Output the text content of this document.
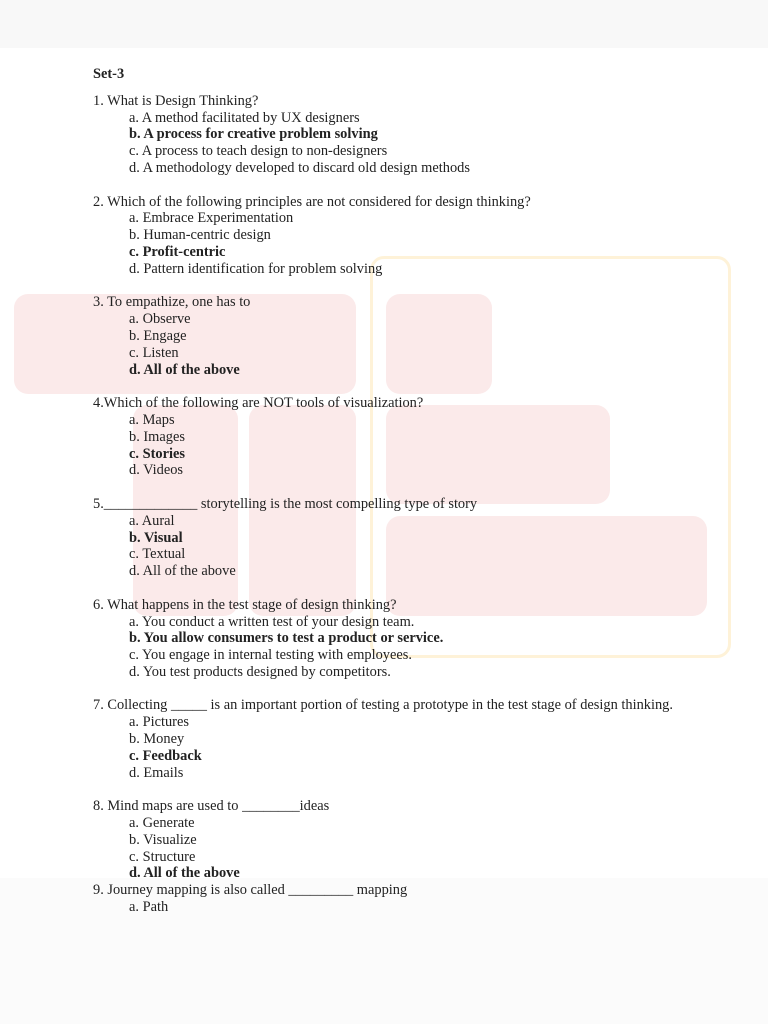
Set-3
1. What is Design Thinking?
a. A method facilitated by UX designers
b. A process for creative problem solving
c. A process to teach design to non-designers
d. A methodology developed to discard old design methods
2. Which of the following principles are not considered for design thinking?
a. Embrace Experimentation
b. Human-centric design
c. Profit-centric
d. Pattern identification for problem solving
3. To empathize, one has to
a. Observe
b. Engage
c. Listen
d. All of the above
4.Which of the following are NOT tools of visualization?
a. Maps
b. Images
c. Stories
d. Videos
5._____________ storytelling is the most compelling type of story
a. Aural
b. Visual
c. Textual
d. All of the above
6. What happens in the test stage of design thinking?
a. You conduct a written test of your design team.
b. You allow consumers to test a product or service.
c. You engage in internal testing with employees.
d. You test products designed by competitors.
7. Collecting _____ is an important portion of testing a prototype in the test stage of design thinking.
a. Pictures
b. Money
c. Feedback
d. Emails
8. Mind maps are used to ________ideas
a. Generate
b. Visualize
c. Structure
d. All of the above
9. Journey mapping is also called _________ mapping
a. Path
